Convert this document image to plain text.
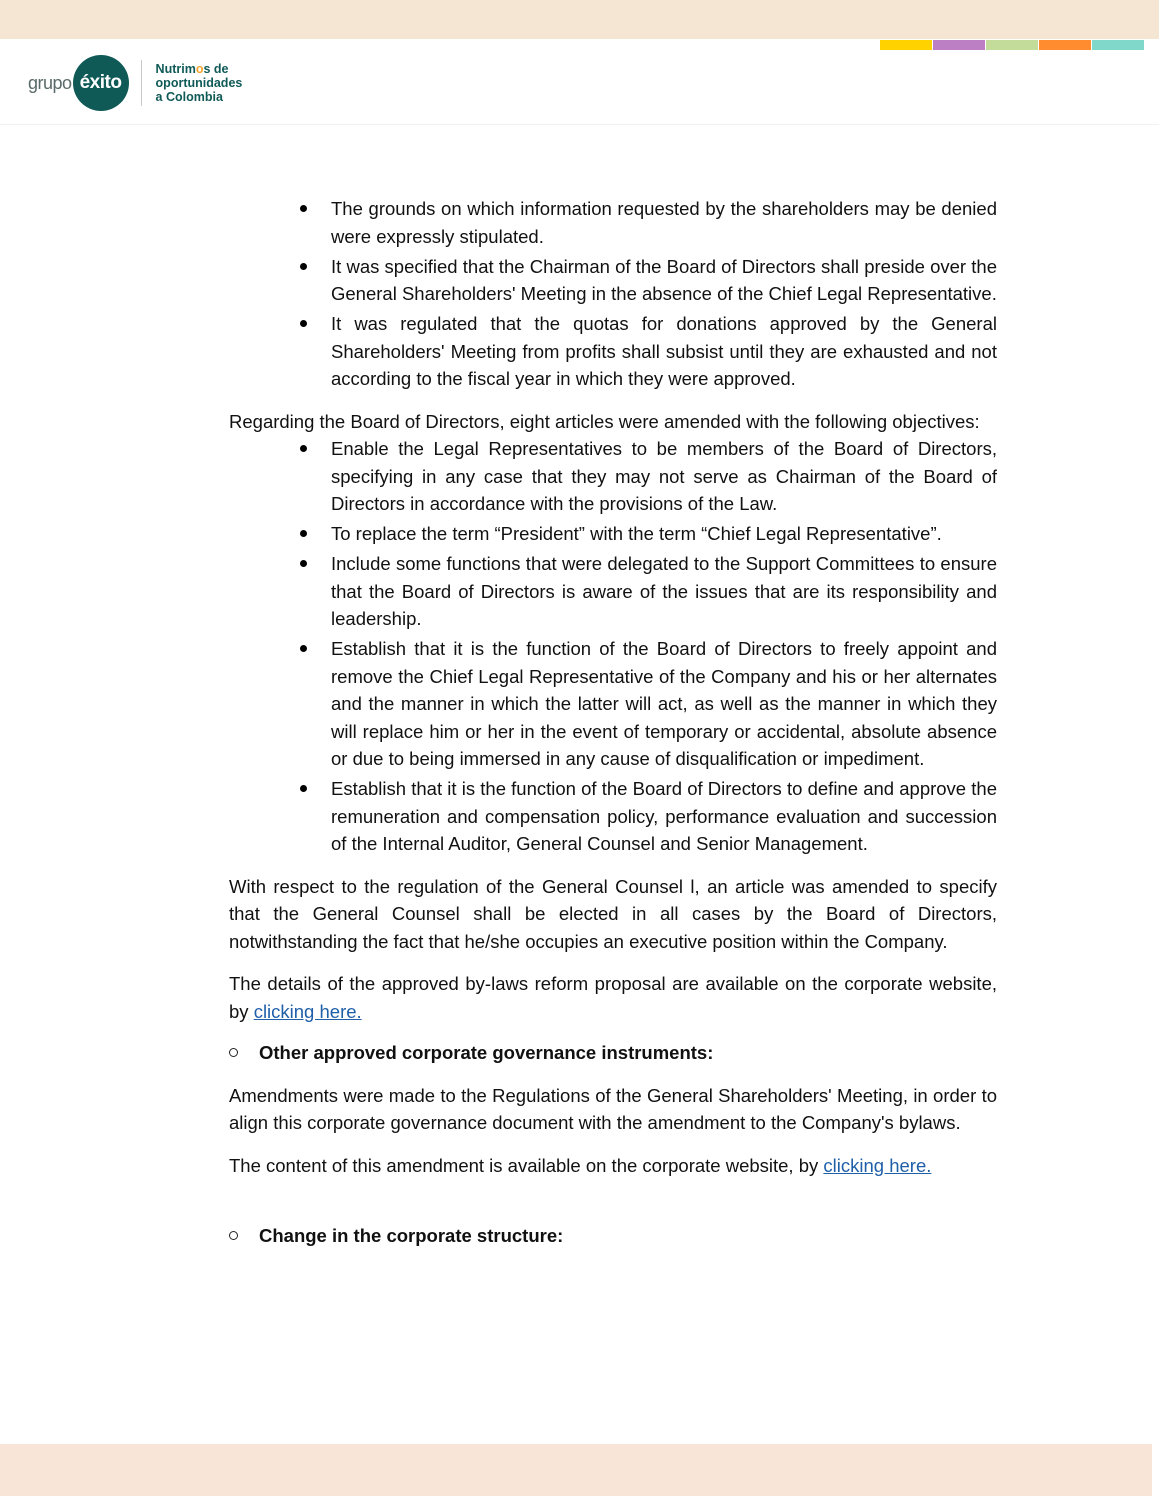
grupo éxito
Nutrimos de
oportunidades
a Colombia
The grounds on which information requested by the shareholders may be denied were expressly stipulated.
It was specified that the Chairman of the Board of Directors shall preside over the General Shareholders' Meeting in the absence of the Chief Legal Representative.
It was regulated that the quotas for donations approved by the General Shareholders' Meeting from profits shall subsist until they are exhausted and not according to the fiscal year in which they were approved.

Regarding the Board of Directors, eight articles were amended with the following objectives:

Enable the Legal Representatives to be members of the Board of Directors, specifying in any case that they may not serve as Chairman of the Board of Directors in accordance with the provisions of the Law.
To replace the term “President” with the term “Chief Legal Representative”.
Include some functions that were delegated to the Support Committees to ensure that the Board of Directors is aware of the issues that are its responsibility and leadership.
Establish that it is the function of the Board of Directors to freely appoint and remove the Chief Legal Representative of the Company and his or her alternates and the manner in which the latter will act, as well as the manner in which they will replace him or her in the event of temporary or accidental, absolute absence or due to being immersed in any cause of disqualification or impediment.
Establish that it is the function of the Board of Directors to define and approve the remuneration and compensation policy, performance evaluation and succession of the Internal Auditor, General Counsel and Senior Management.

With respect to the regulation of the General Counsel l, an article was amended to specify that the General Counsel shall be elected in all cases by the Board of Directors, notwithstanding the fact that he/she occupies an executive position within the Company.

The details of the approved by-laws reform proposal are available on the corporate website, by clicking here.

Other approved corporate governance instruments:

Amendments were made to the Regulations of the General Shareholders' Meeting, in order to align this corporate governance document with the amendment to the Company's bylaws.

The content of this amendment is available on the corporate website, by clicking here.

Change in the corporate structure:
